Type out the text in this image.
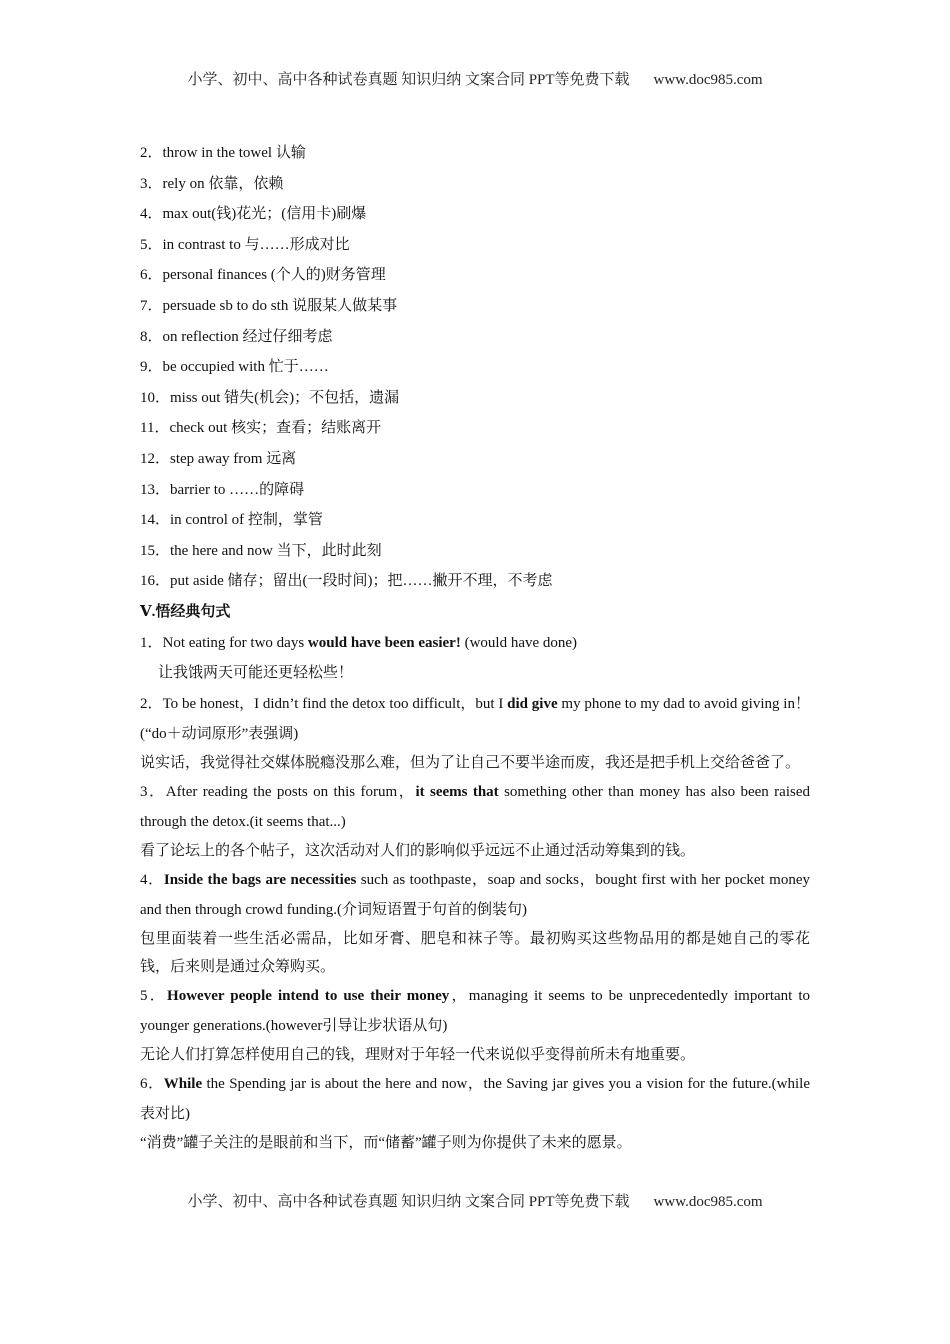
小学、初中、高中各种试卷真题 知识归纳 文案合同 PPT等免费下载 www.doc985.com
2．throw in the towel 认输
3．rely on 依靠，依赖
4．max out(钱)花光；(信用卡)刷爆
5．in contrast to 与……形成对比
6．personal finances (个人的)财务管理
7．persuade sb to do sth 说服某人做某事
8．on reflection 经过仔细考虑
9．be occupied with 忙于……
10．miss out 错失(机会)；不包括，遗漏
11．check out 核实；查看；结账离开
12．step away from 远离
13．barrier to ……的障碍
14．in control of 控制，掌管
15．the here and now 当下，此时此刻
16．put aside 储存；留出(一段时间)；把……撇开不理，不考虑
Ⅴ.悟经典句式
1．Not eating for two days would have been easier! (would have done)
让我饿两天可能还更轻松些！
2．To be honest，I didn’t find the detox too difficult，but I did give my phone to my dad to avoid giving in！(“do＋动词原形”表强调)
说实话，我觉得社交媒体脱瘾没那么难，但为了让自己不要半途而废，我还是把手机上交给爸爸了。
3．After reading the posts on this forum，it seems that something other than money has also been raised through the detox.(it seems that...)
看了论坛上的各个帖子，这次活动对人们的影响似乎远远不止通过活动筹集到的钱。
4．Inside the bags are necessities such as toothpaste，soap and socks，bought first with her pocket money and then through crowd funding.(介词短语置于句首的倒装句)
包里面装着一些生活必需品，比如牙膏、肥皂和袜子等。最初购买这些物品用的都是她自己的零花钱，后来则是通过众筹购买。
5．However people intend to use their money，managing it seems to be unprecedentedly important to younger generations.(however引导让步状语从句)
无论人们打算怎样使用自己的钱，理财对于年轻一代来说似乎变得前所未有地重要。
6．While the Spending jar is about the here and now，the Saving jar gives you a vision for the future.(while表对比)
“消费”罐子关注的是眼前和当下，而“储蓄”罐子则为你提供了未来的愿景。
小学、初中、高中各种试卷真题 知识归纳 文案合同 PPT等免费下载 www.doc985.com
